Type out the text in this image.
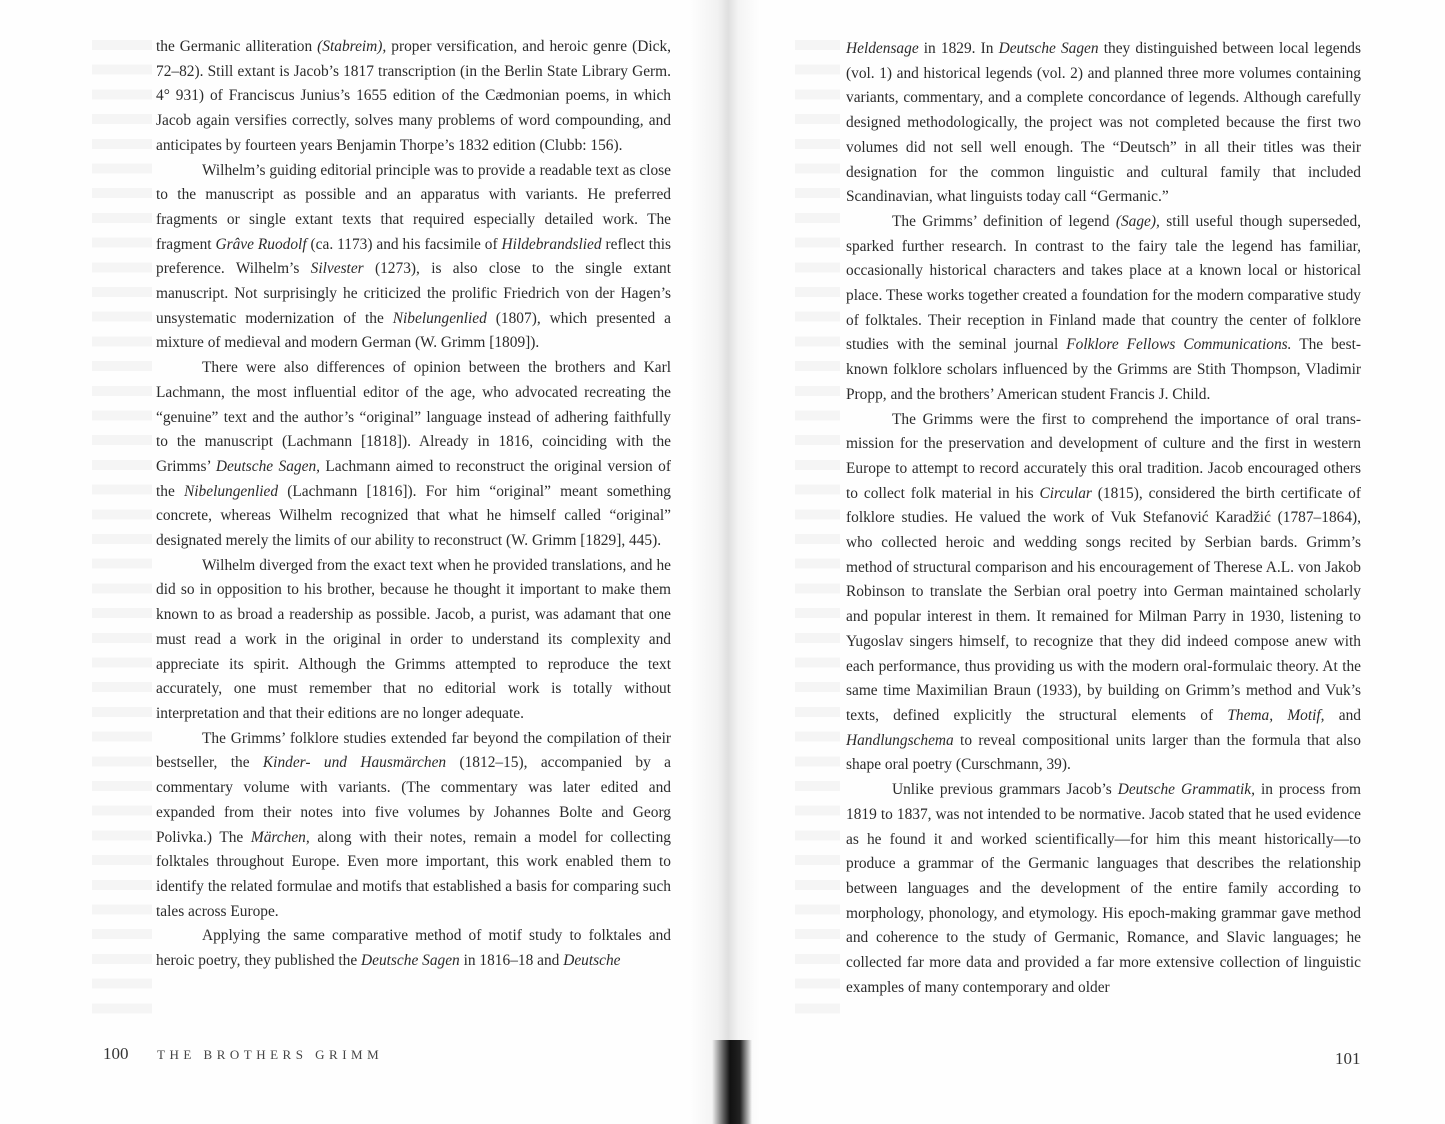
the Germanic alliteration (Stabreim), proper versification, and heroic genre (Dick, 72–82). Still extant is Jacob’s 1817 transcription (in the Berlin State Library Germ. 4° 931) of Franciscus Junius’s 1655 edition of the Cædmonian poems, in which Jacob again versifies correctly, solves many problems of word compounding, and anticipates by fourteen years Benjamin Thorpe’s 1832 edition (Clubb: 156).

Wilhelm’s guiding editorial principle was to provide a readable text as close to the manuscript as possible and an apparatus with variants. He preferred fragments or single extant texts that required especially detailed work. The fragment Grâve Ruodolf (ca. 1173) and his facsimile of Hildebrandslied reflect this preference. Wilhelm’s Silvester (1273), is also close to the single extant manuscript. Not surprisingly he criticized the prolific Friedrich von der Hagen’s unsystematic modernization of the Nibelungenlied (1807), which presented a mixture of medieval and modern German (W. Grimm [1809]).

There were also differences of opinion between the brothers and Karl Lachmann, the most influential editor of the age, who advocated recreating the “genuine” text and the author’s “original” language instead of adhering faithfully to the manuscript (Lachmann [1818]). Already in 1816, coinciding with the Grimms’ Deutsche Sagen, Lachmann aimed to reconstruct the original version of the Nibelungenlied (Lachmann [1816]). For him “original” meant something concrete, whereas Wilhelm recognized that what he himself called “original” designated merely the limits of our ability to reconstruct (W. Grimm [1829], 445).

Wilhelm diverged from the exact text when he provided translations, and he did so in opposition to his brother, because he thought it important to make them known to as broad a readership as possible. Jacob, a purist, was adamant that one must read a work in the original in order to understand its complexity and appreciate its spirit. Although the Grimms attempted to reproduce the text accurately, one must remember that no editorial work is totally without interpretation and that their editions are no longer adequate.

The Grimms’ folklore studies extended far beyond the compilation of their bestseller, the Kinder- und Hausmärchen (1812–15), accompanied by a commentary volume with variants. (The commentary was later edited and expanded from their notes into five volumes by Johannes Bolte and Georg Polivka.) The Märchen, along with their notes, remain a model for collecting folktales throughout Europe. Even more important, this work enabled them to identify the related formulae and motifs that established a basis for comparing such tales across Europe.

Applying the same comparative method of motif study to folktales and heroic poetry, they published the Deutsche Sagen in 1816–18 and Deutsche

Heldensage in 1829. In Deutsche Sagen they distinguished between local legends (vol. 1) and historical legends (vol. 2) and planned three more volumes containing variants, commentary, and a complete concordance of legends. Although carefully designed methodologically, the project was not completed because the first two volumes did not sell well enough. The “Deutsch” in all their titles was their designation for the common linguistic and cultural family that included Scandinavian, what linguists today call “Germanic.”

The Grimms’ definition of legend (Sage), still useful though superseded, sparked further research. In contrast to the fairy tale the legend has familiar, occasionally historical characters and takes place at a known local or historical place. These works together created a foundation for the modern comparative study of folktales. Their reception in Finland made that country the center of folklore studies with the seminal journal Folklore Fellows Communications. The best-known folklore scholars influenced by the Grimms are Stith Thompson, Vladimir Propp, and the brothers’ American student Francis J. Child.

The Grimms were the first to comprehend the importance of oral transmission for the preservation and development of culture and the first in western Europe to attempt to record accurately this oral tradition. Jacob encouraged others to collect folk material in his Circular (1815), considered the birth certificate of folklore studies. He valued the work of Vuk Stefanović Karadžić (1787–1864), who collected heroic and wedding songs recited by Serbian bards. Grimm’s method of structural comparison and his encouragement of Therese A.L. von Jakob Robinson to translate the Serbian oral poetry into German maintained scholarly and popular interest in them. It remained for Milman Parry in 1930, listening to Yugoslav singers himself, to recognize that they did indeed compose anew with each performance, thus providing us with the modern oral-formulaic theory. At the same time Maximilian Braun (1933), by building on Grimm’s method and Vuk’s texts, defined explicitly the structural elements of Thema, Motif, and Handlungschema to reveal compositional units larger than the formula that also shape oral poetry (Curschmann, 39).

Unlike previous grammars Jacob’s Deutsche Grammatik, in process from 1819 to 1837, was not intended to be normative. Jacob stated that he used evidence as he found it and worked scientifically—for him this meant historically—to produce a grammar of the Germanic languages that describes the relationship between languages and the development of the entire family according to morphology, phonology, and etymology. His epoch-making grammar gave method and coherence to the study of Germanic, Romance, and Slavic languages; he collected far more data and provided a far more extensive collection of linguistic examples of many contemporary and older

100 THE BROTHERS GRIMM	101
